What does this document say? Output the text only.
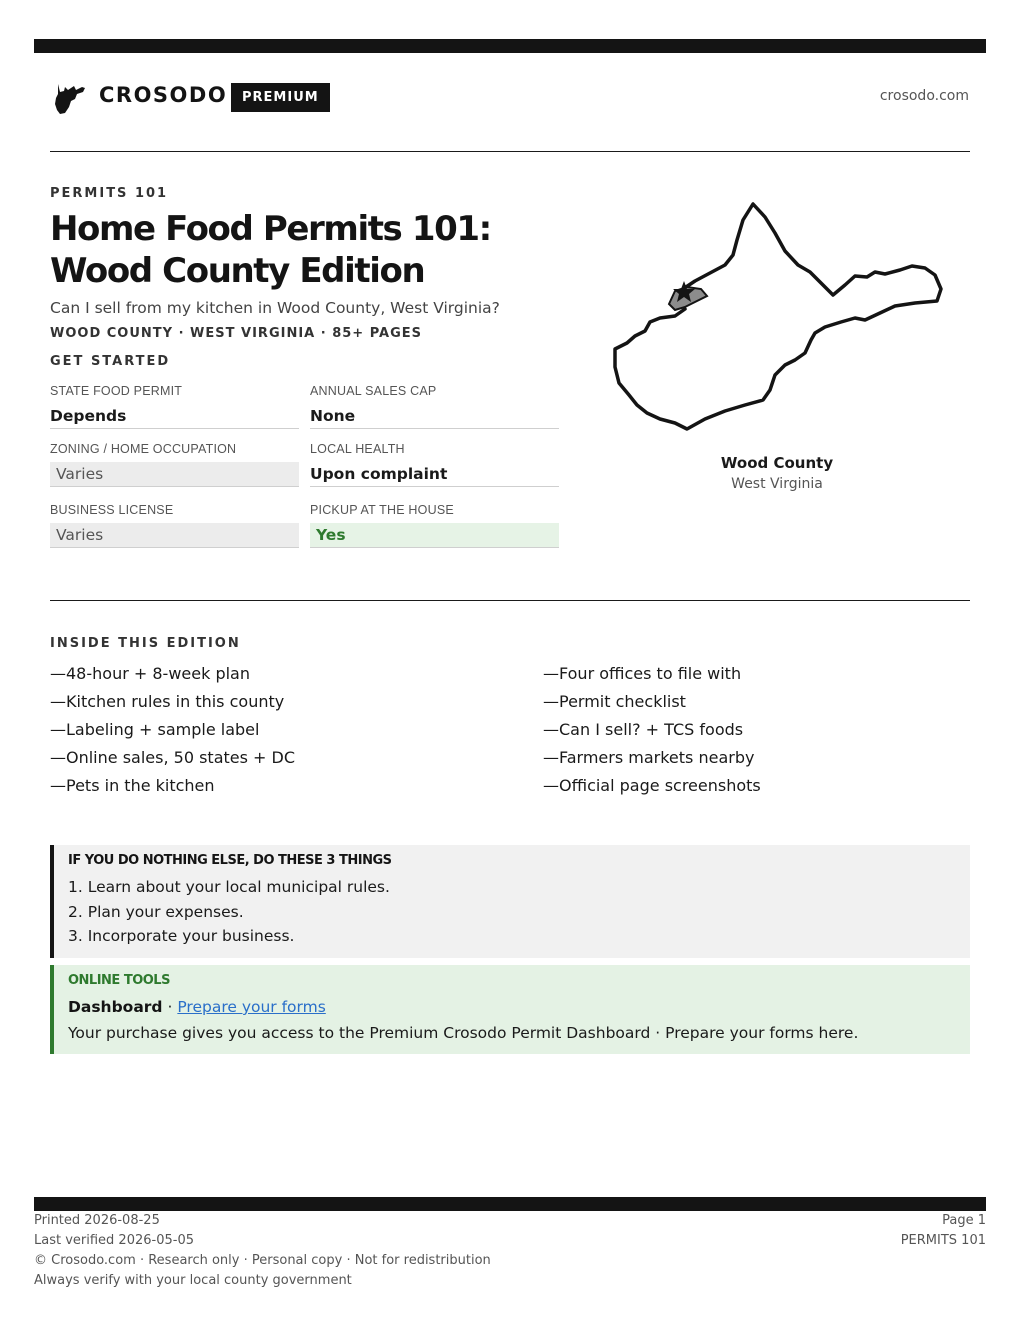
CROSODO	PREMIUM	crosodo.com
PERMITS 101
Home Food Permits 101: Wood County Edition
Can I sell from my kitchen in Wood County, West Virginia?
WOOD COUNTY · WEST VIRGINIA · 85+ PAGES
GET STARTED
STATE FOOD PERMIT
Depends
ANNUAL SALES CAP
None
ZONING / HOME OCCUPATION
Varies
LOCAL HEALTH
Upon complaint
BUSINESS LICENSE
Varies
PICKUP AT THE HOUSE
Yes
Wood County
West Virginia
INSIDE THIS EDITION
—48-hour + 8-week plan
—Kitchen rules in this county
—Labeling + sample label
—Online sales, 50 states + DC
—Pets in the kitchen
—Four offices to file with
—Permit checklist
—Can I sell? + TCS foods
—Farmers markets nearby
—Official page screenshots
IF YOU DO NOTHING ELSE, DO THESE 3 THINGS
1. Learn about your local municipal rules.
2. Plan your expenses.
3. Incorporate your business.
ONLINE TOOLS
Dashboard · Prepare your forms
Your purchase gives you access to the Premium Crosodo Permit Dashboard · Prepare your forms here.
Printed 2026-08-25
Last verified 2026-05-05
© Crosodo.com · Research only · Personal copy · Not for redistribution
Always verify with your local county government
Page 1
PERMITS 101
